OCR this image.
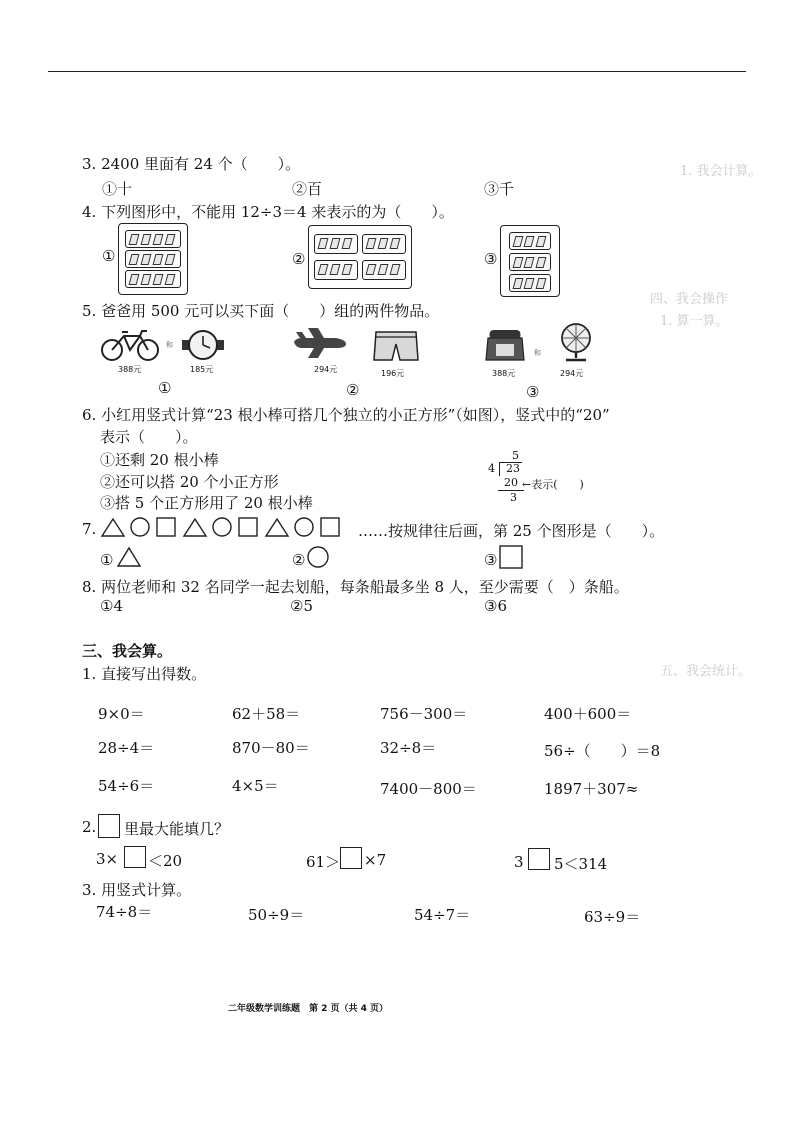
1. 我会计算。
四、我会操作
1. 算一算。
五、我会统计。
3. 2400 里面有 24 个（　　）。
①十	②百	③千
4. 下列图形中，不能用 12÷3＝4 来表示的为（　　）。
①	②	③
5. 爸爸用 500 元可以买下面（　　）组的两件物品。
和
和
388元	185元	294元	196元	388元	294元
①	②	③
6. 小红用竖式计算“23 根小棒可搭几个独立的小正方形”（如图），竖式中的“20”
表示（　　）。
①还剩 20 根小棒
②还可以搭 20 个小正方形
③搭 5 个正方形用了 20 根小棒
5
4 23
20
3
←表示(　　)
7.	……按规律往后画，第 25 个图形是（　　）。
①	②	③
8. 两位老师和 32 名同学一起去划船，每条船最多坐 8 人，至少需要（　）条船。
①4	②5	③6
三、我会算。
1. 直接写出得数。
9×0＝	62＋58＝	756－300＝	400＋600＝
28÷4＝	870－80＝	32÷8＝	56÷（　　）＝8
54÷6＝	4×5＝	7400－800＝	1897＋307≈
2. 里最大能填几？
3× ＜20	61＞ ×7	3 5＜314
3. 用竖式计算。
74÷8＝	50÷9＝	54÷7＝	63÷9＝
二年级数学训练题　第 2 页（共 4 页）
